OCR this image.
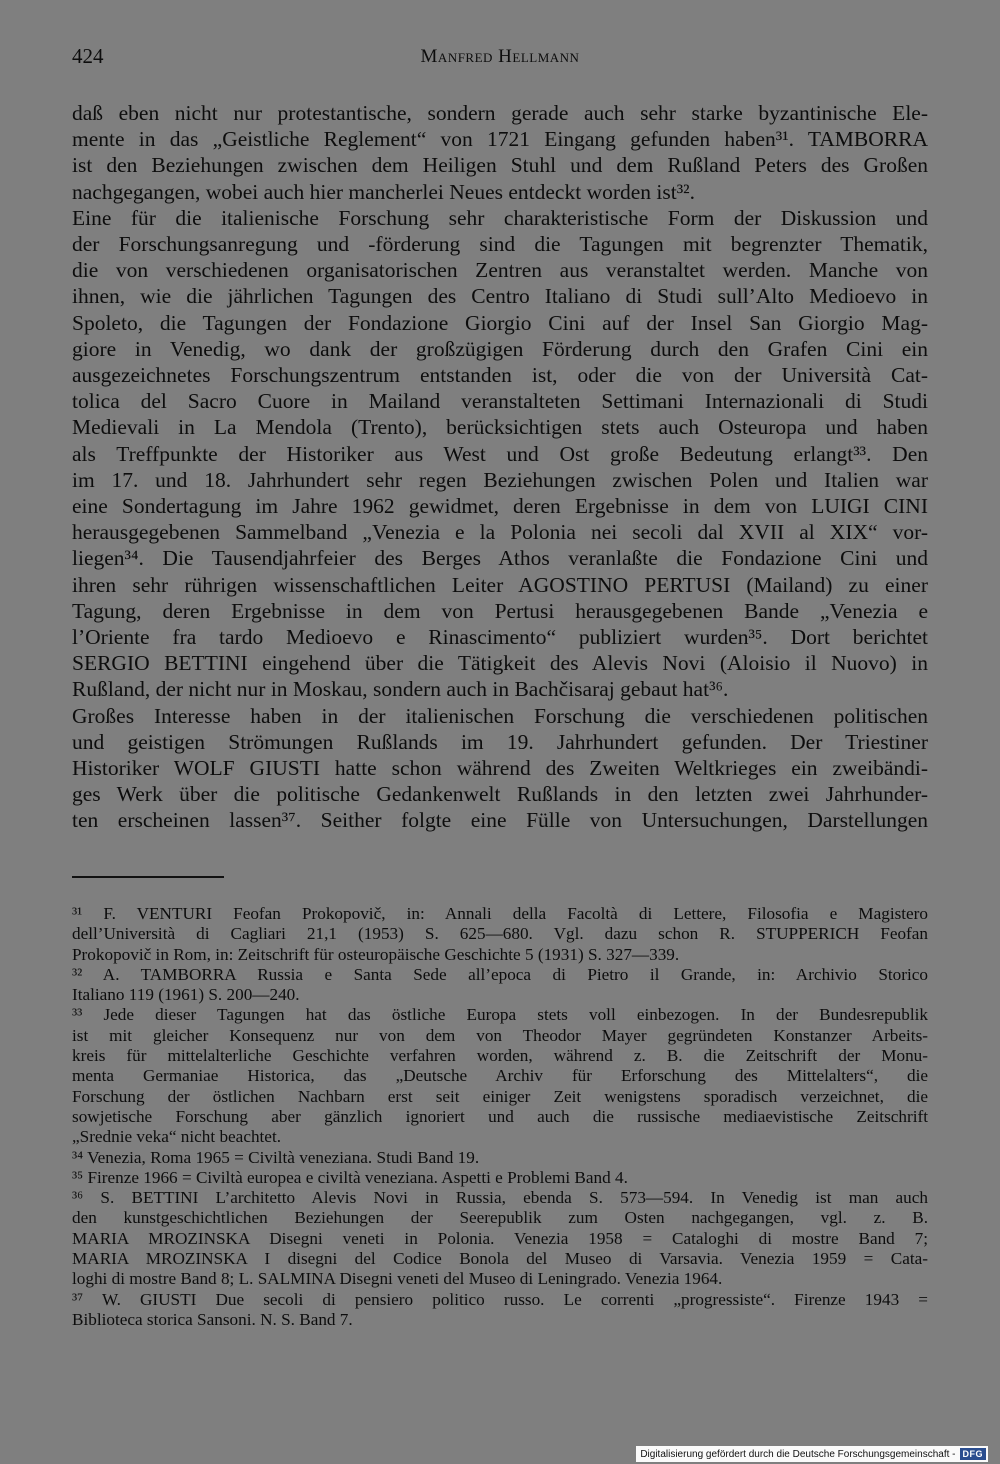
424	Manfred Hellmann

daß eben nicht nur protestantische, sondern gerade auch sehr starke byzantinische Ele-
mente in das „Geistliche Reglement“ von 1721 Eingang gefunden haben³¹. TAMBORRA
ist den Beziehungen zwischen dem Heiligen Stuhl und dem Rußland Peters des Großen
nachgegangen, wobei auch hier mancherlei Neues entdeckt worden ist³².

Eine für die italienische Forschung sehr charakteristische Form der Diskussion und
der Forschungsanregung und -förderung sind die Tagungen mit begrenzter Thematik,
die von verschiedenen organisatorischen Zentren aus veranstaltet werden. Manche von
ihnen, wie die jährlichen Tagungen des Centro Italiano di Studi sull’Alto Medioevo in
Spoleto, die Tagungen der Fondazione Giorgio Cini auf der Insel San Giorgio Mag-
giore in Venedig, wo dank der großzügigen Förderung durch den Grafen Cini ein
ausgezeichnetes Forschungszentrum entstanden ist, oder die von der Università Cat-
tolica del Sacro Cuore in Mailand veranstalteten Settimani Internazionali di Studi
Medievali in La Mendola (Trento), berücksichtigen stets auch Osteuropa und haben
als Treffpunkte der Historiker aus West und Ost große Bedeutung erlangt³³. Den
im 17. und 18. Jahrhundert sehr regen Beziehungen zwischen Polen und Italien war
eine Sondertagung im Jahre 1962 gewidmet, deren Ergebnisse in dem von LUIGI CINI
herausgegebenen Sammelband „Venezia e la Polonia nei secoli dal XVII al XIX“ vor-
liegen³⁴. Die Tausendjahrfeier des Berges Athos veranlaßte die Fondazione Cini und
ihren sehr rührigen wissenschaftlichen Leiter AGOSTINO PERTUSI (Mailand) zu einer
Tagung, deren Ergebnisse in dem von Pertusi herausgegebenen Bande „Venezia e
l’Oriente fra tardo Medioevo e Rinascimento“ publiziert wurden³⁵. Dort berichtet
SERGIO BETTINI eingehend über die Tätigkeit des Alevis Novi (Aloisio il Nuovo) in
Rußland, der nicht nur in Moskau, sondern auch in Bachčisaraj gebaut hat³⁶.

Großes Interesse haben in der italienischen Forschung die verschiedenen politischen
und geistigen Strömungen Rußlands im 19. Jahrhundert gefunden. Der Triestiner
Historiker WOLF GIUSTI hatte schon während des Zweiten Weltkrieges ein zweibändi-
ges Werk über die politische Gedankenwelt Rußlands in den letzten zwei Jahrhunder-
ten erscheinen lassen³⁷. Seither folgte eine Fülle von Untersuchungen, Darstellungen

³¹ F. VENTURI Feofan Prokopovič, in: Annali della Facoltà di Lettere, Filosofia e Magistero
dell’Università di Cagliari 21,1 (1953) S. 625—680. Vgl. dazu schon R. STUPPERICH Feofan
Prokopovič in Rom, in: Zeitschrift für osteuropäische Geschichte 5 (1931) S. 327—339.
³² A. TAMBORRA Russia e Santa Sede all’epoca di Pietro il Grande, in: Archivio Storico
Italiano 119 (1961) S. 200—240.
³³ Jede dieser Tagungen hat das östliche Europa stets voll einbezogen. In der Bundesrepublik
ist mit gleicher Konsequenz nur von dem von Theodor Mayer gegründeten Konstanzer Arbeits-
kreis für mittelalterliche Geschichte verfahren worden, während z. B. die Zeitschrift der Monu-
menta Germaniae Historica, das „Deutsche Archiv für Erforschung des Mittelalters“, die
Forschung der östlichen Nachbarn erst seit einiger Zeit wenigstens sporadisch verzeichnet, die
sowjetische Forschung aber gänzlich ignoriert und auch die russische mediaevistische Zeitschrift
„Srednie veka“ nicht beachtet.
³⁴ Venezia, Roma 1965 = Civiltà veneziana. Studi Band 19.
³⁵ Firenze 1966 = Civiltà europea e civiltà veneziana. Aspetti e Problemi Band 4.
³⁶ S. BETTINI L’architetto Alevis Novi in Russia, ebenda S. 573—594. In Venedig ist man auch
den kunstgeschichtlichen Beziehungen der Seerepublik zum Osten nachgegangen, vgl. z. B.
MARIA MROZINSKA Disegni veneti in Polonia. Venezia 1958 = Cataloghi di mostre Band 7;
MARIA MROZINSKA I disegni del Codice Bonola del Museo di Varsavia. Venezia 1959 = Cata-
loghi di mostre Band 8; L. SALMINA Disegni veneti del Museo di Leningrado. Venezia 1964.
³⁷ W. GIUSTI Due secoli di pensiero politico russo. Le correnti „progressiste“. Firenze 1943 =
Biblioteca storica Sansoni. N. S. Band 7.
Digitalisierung gefördert durch die Deutsche Forschungsgemeinschaft - DFG
